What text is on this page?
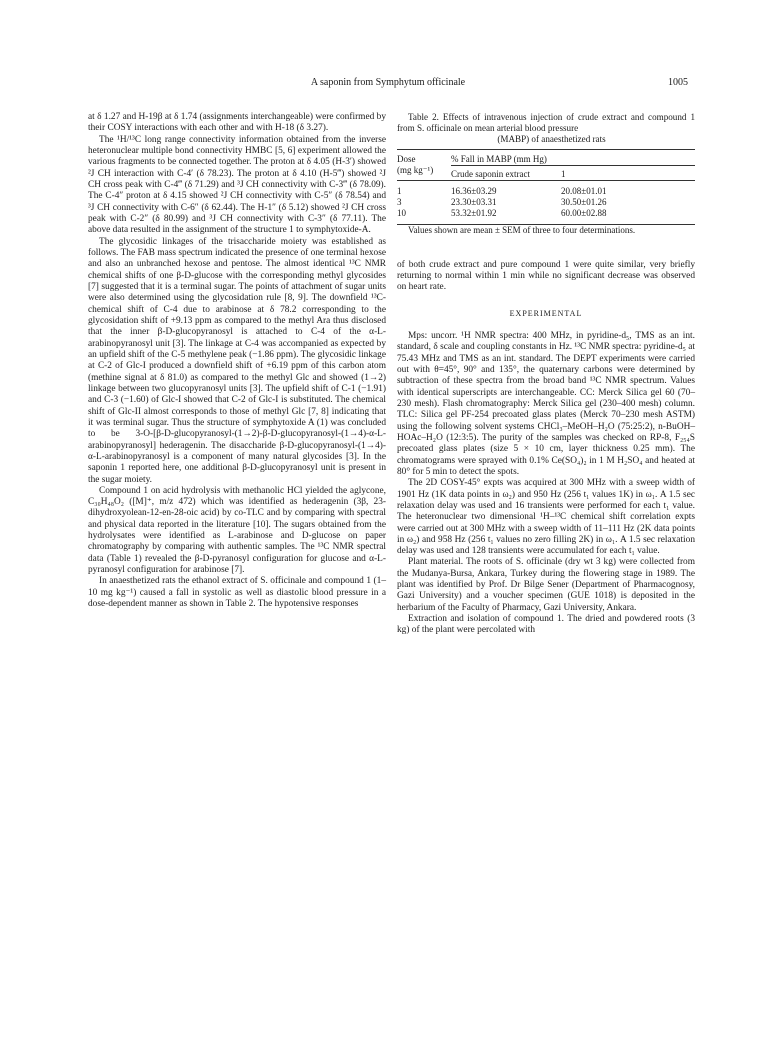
A saponin from Symphytum officinale	1005

at δ 1.27 and H-19β at δ 1.74 (assignments interchangeable) were confirmed by their COSY interactions with each other and with H-18 (δ 3.27).

The ¹H/¹³C long range connectivity information obtained from the inverse heteronuclear multiple bond connectivity HMBC [5, 6] experiment allowed the various fragments to be connected together. The proton at δ 4.05 (H-3′) showed ²J CH interaction with C-4′ (δ 78.23). The proton at δ 4.10 (H-5‴) showed ²J CH cross peak with C-4‴ (δ 71.29) and ³J CH connectivity with C-3‴ (δ 78.09). The C-4″ proton at δ 4.15 showed ²J CH connectivity with C-5″ (δ 78.54) and ³J CH connectivity with C-6″ (δ 62.44). The H-1″ (δ 5.12) showed ²J CH cross peak with C-2″ (δ 80.99) and ³J CH connectivity with C-3″ (δ 77.11). The above data resulted in the assignment of the structure 1 to symphytoxide-A.

The glycosidic linkages of the trisaccharide moiety was established as follows. The FAB mass spectrum indicated the presence of one terminal hexose and also an unbranched hexose and pentose. The almost identical ¹³C NMR chemical shifts of one β-D-glucose with the corresponding methyl glycosides [7] suggested that it is a terminal sugar. The points of attachment of sugar units were also determined using the glycosidation rule [8, 9]. The downfield ¹³C-chemical shift of C-4 due to arabinose at δ 78.2 corresponding to the glycosidation shift of +9.13 ppm as compared to the methyl Ara thus disclosed that the inner β-D-glucopyranosyl is attached to C-4 of the α-L-arabinopyranosyl unit [3]. The linkage at C-4 was accompanied as expected by an upfield shift of the C-5 methylene peak (−1.86 ppm). The glycosidic linkage at C-2 of Glc-I produced a downfield shift of +6.19 ppm of this carbon atom (methine signal at δ 81.0) as compared to the methyl Glc and showed (1→2) linkage between two glucopyranosyl units [3]. The upfield shift of C-1 (−1.91) and C-3 (−1.60) of Glc-I showed that C-2 of Glc-I is substituted. The chemical shift of Glc-II almost corresponds to those of methyl Glc [7, 8] indicating that it was terminal sugar. Thus the structure of symphytoxide A (1) was concluded to be 3-O-[β-D-glucopyranosyl-(1→2)-β-D-glucopyranosyl-(1→4)-α-L-arabinopyranosyl] hederagenin. The disaccharide β-D-glucopyranosyl-(1→4)-α-L-arabinopyranosyl is a component of many natural glycosides [3]. In the saponin 1 reported here, one additional β-D-glucopyranosyl unit is present in the sugar moiety.

Compound 1 on acid hydrolysis with methanolic HCl yielded the aglycone, C₃₀H₄₈O₂ ([M]⁺, m/z 472) which was identified as hederagenin (3β, 23-dihydroxyolean-12-en-28-oic acid) by co-TLC and by comparing with spectral and physical data reported in the literature [10]. The sugars obtained from the hydrolysates were identified as L-arabinose and D-glucose on paper chromatography by comparing with authentic samples. The ¹³C NMR spectral data (Table 1) revealed the β-D-pyranosyl configuration for glucose and α-L-pyranosyl configuration for arabinose [7].

In anaesthetized rats the ethanol extract of S. officinale and compound 1 (1–10 mg kg⁻¹) caused a fall in systolic as well as diastolic blood pressure in a dose-dependent manner as shown in Table 2. The hypotensive responses

Table 2. Effects of intravenous injection of crude extract and compound 1 from S. officinale on mean arterial blood pressure
(MABP) of anaesthetized rats

Dose
(mg kg⁻¹)	% Fall in MABP (mm Hg)	
	Crude saponin extract	1

1	16.36±03.29	20.08±01.01
3	23.30±03.31	30.50±01.26
10	53.32±01.92	60.00±02.88

Values shown are mean ± SEM of three to four determinations.

of both crude extract and pure compound 1 were quite similar, very briefly returning to normal within 1 min while no significant decrease was observed on heart rate.

EXPERIMENTAL

Mps: uncorr. ¹H NMR spectra: 400 MHz, in pyridine-d₅, TMS as an int. standard, δ scale and coupling constants in Hz. ¹³C NMR spectra: pyridine-d₅ at 75.43 MHz and TMS as an int. standard. The DEPT experiments were carried out with θ=45°, 90° and 135°, the quaternary carbons were determined by subtraction of these spectra from the broad band ¹³C NMR spectrum. Values with identical superscripts are interchangeable. CC: Merck Silica gel 60 (70–230 mesh). Flash chromatography: Merck Silica gel (230–400 mesh) column. TLC: Silica gel PF-254 precoated glass plates (Merck 70–230 mesh ASTM) using the following solvent systems CHCl₃–MeOH–H₂O (75:25:2), n-BuOH–HOAc–H₂O (12:3:5). The purity of the samples was checked on RP-8, F₂₅₄S precoated glass plates (size 5 × 10 cm, layer thickness 0.25 mm). The chromatograms were sprayed with 0.1% Ce(SO₄)₂ in 1 M H₂SO₄ and heated at 80° for 5 min to detect the spots.

The 2D COSY-45° expts was acquired at 300 MHz with a sweep width of 1901 Hz (1K data points in ω₂) and 950 Hz (256 t₁ values 1K) in ω₁. A 1.5 sec relaxation delay was used and 16 transients were performed for each t₁ value. The heteronuclear two dimensional ¹H–¹³C chemical shift correlation expts were carried out at 300 MHz with a sweep width of 11–111 Hz (2K data points in ω₂) and 958 Hz (256 t₁ values no zero filling 2K) in ω₁. A 1.5 sec relaxation delay was used and 128 transients were accumulated for each t₁ value.

Plant material. The roots of S. officinale (dry wt 3 kg) were collected from the Mudanya-Bursa, Ankara, Turkey during the flowering stage in 1989. The plant was identified by Prof. Dr Bilge Sener (Department of Pharmacognosy, Gazi University) and a voucher specimen (GUE 1018) is deposited in the herbarium of the Faculty of Pharmacy, Gazi University, Ankara.

Extraction and isolation of compound 1. The dried and powdered roots (3 kg) of the plant were percolated with
